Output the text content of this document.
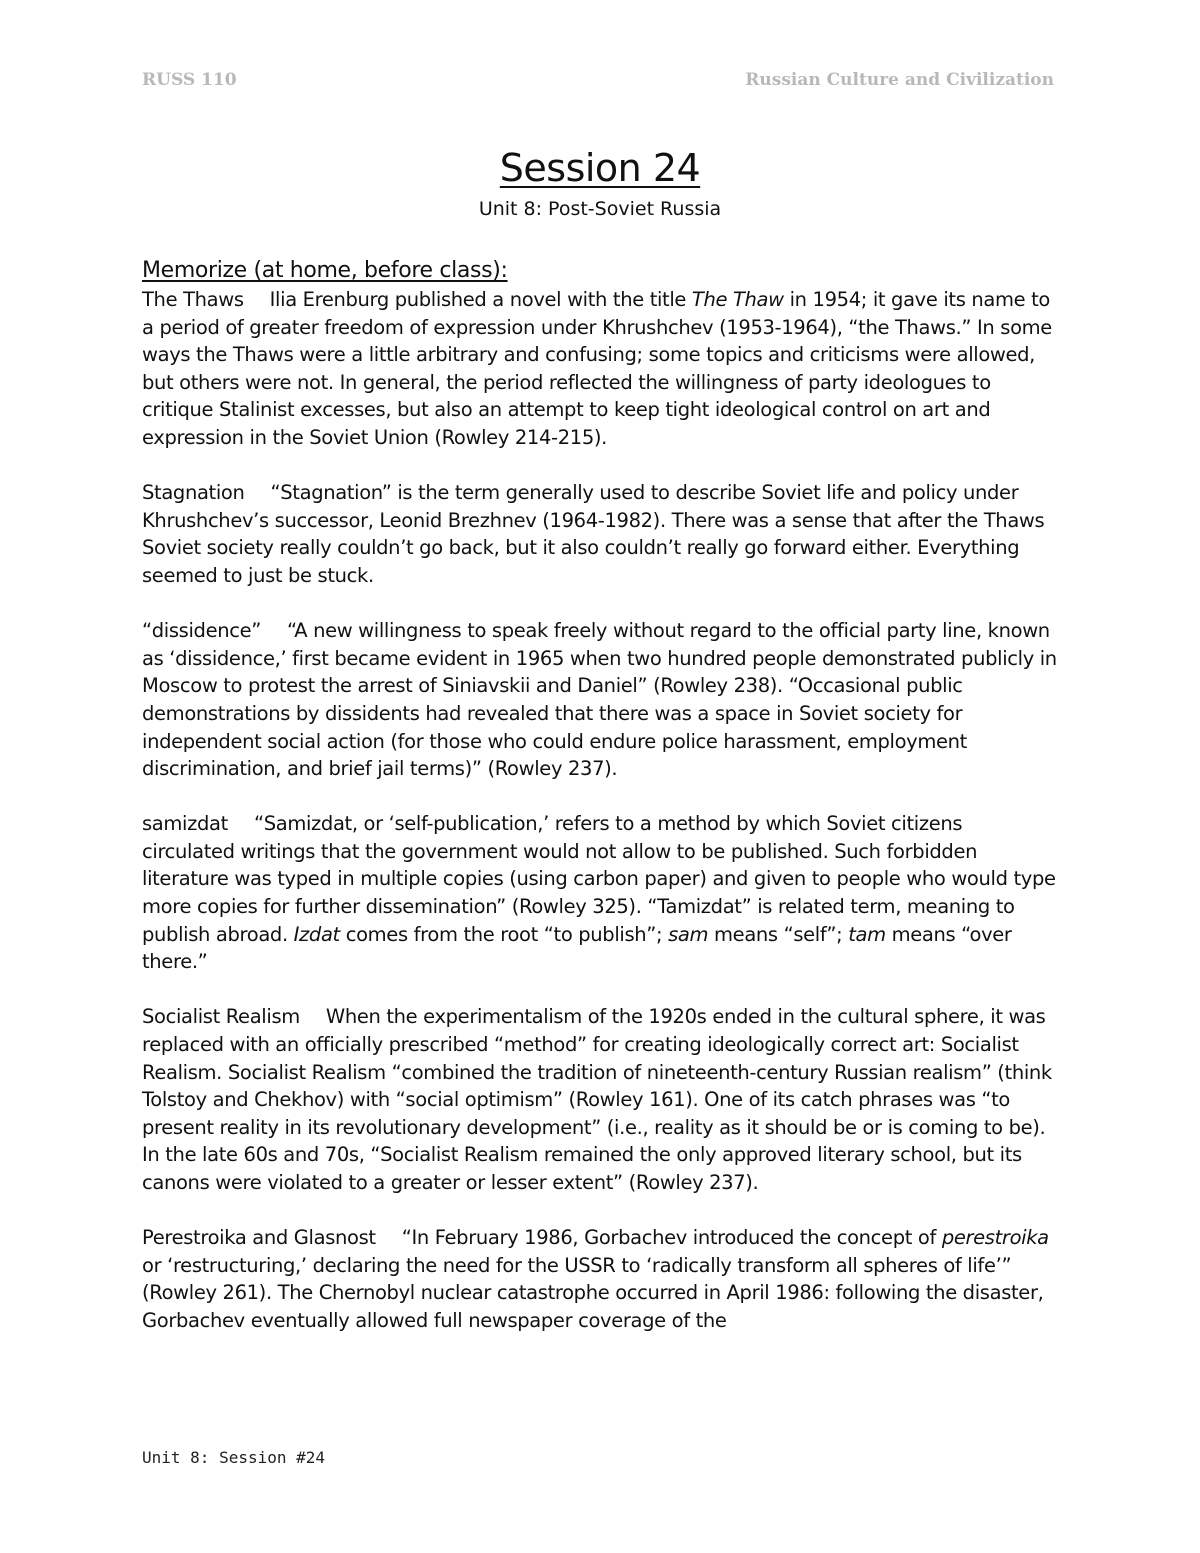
RUSS 110	Russian Culture and Civilization
Session 24
Unit 8: Post-Soviet Russia
Memorize (at home, before class):

The Thaws Ilia Erenburg published a novel with the title The Thaw in 1954; it gave its name to a period of greater freedom of expression under Khrushchev (1953-1964), “the Thaws.” In some ways the Thaws were a little arbitrary and confusing; some topics and criticisms were allowed, but others were not. In general, the period reflected the willingness of party ideologues to critique Stalinist excesses, but also an attempt to keep tight ideological control on art and expression in the Soviet Union (Rowley 214-215).

Stagnation “Stagnation” is the term generally used to describe Soviet life and policy under Khrushchev’s successor, Leonid Brezhnev (1964-1982). There was a sense that after the Thaws Soviet society really couldn’t go back, but it also couldn’t really go forward either. Everything seemed to just be stuck.

“dissidence” “A new willingness to speak freely without regard to the official party line, known as ‘dissidence,’ first became evident in 1965 when two hundred people demonstrated publicly in Moscow to protest the arrest of Siniavskii and Daniel” (Rowley 238). “Occasional public demonstrations by dissidents had revealed that there was a space in Soviet society for independent social action (for those who could endure police harassment, employment discrimination, and brief jail terms)” (Rowley 237).

samizdat “Samizdat, or ‘self-publication,’ refers to a method by which Soviet citizens circulated writings that the government would not allow to be published. Such forbidden literature was typed in multiple copies (using carbon paper) and given to people who would type more copies for further dissemination” (Rowley 325). “Tamizdat” is related term, meaning to publish abroad. Izdat comes from the root “to publish”; sam means “self”; tam means “over there.”

Socialist Realism When the experimentalism of the 1920s ended in the cultural sphere, it was replaced with an officially prescribed “method” for creating ideologically correct art: Socialist Realism. Socialist Realism “combined the tradition of nineteenth-century Russian realism” (think Tolstoy and Chekhov) with “social optimism” (Rowley 161). One of its catch phrases was “to present reality in its revolutionary development” (i.e., reality as it should be or is coming to be). In the late 60s and 70s, “Socialist Realism remained the only approved literary school, but its canons were violated to a greater or lesser extent” (Rowley 237).

Perestroika and Glasnost “In February 1986, Gorbachev introduced the concept of perestroika or ‘restructuring,’ declaring the need for the USSR to ‘radically transform all spheres of life’” (Rowley 261). The Chernobyl nuclear catastrophe occurred in April 1986: following the disaster, Gorbachev eventually allowed full newspaper coverage of the

Unit 8: Session #24
